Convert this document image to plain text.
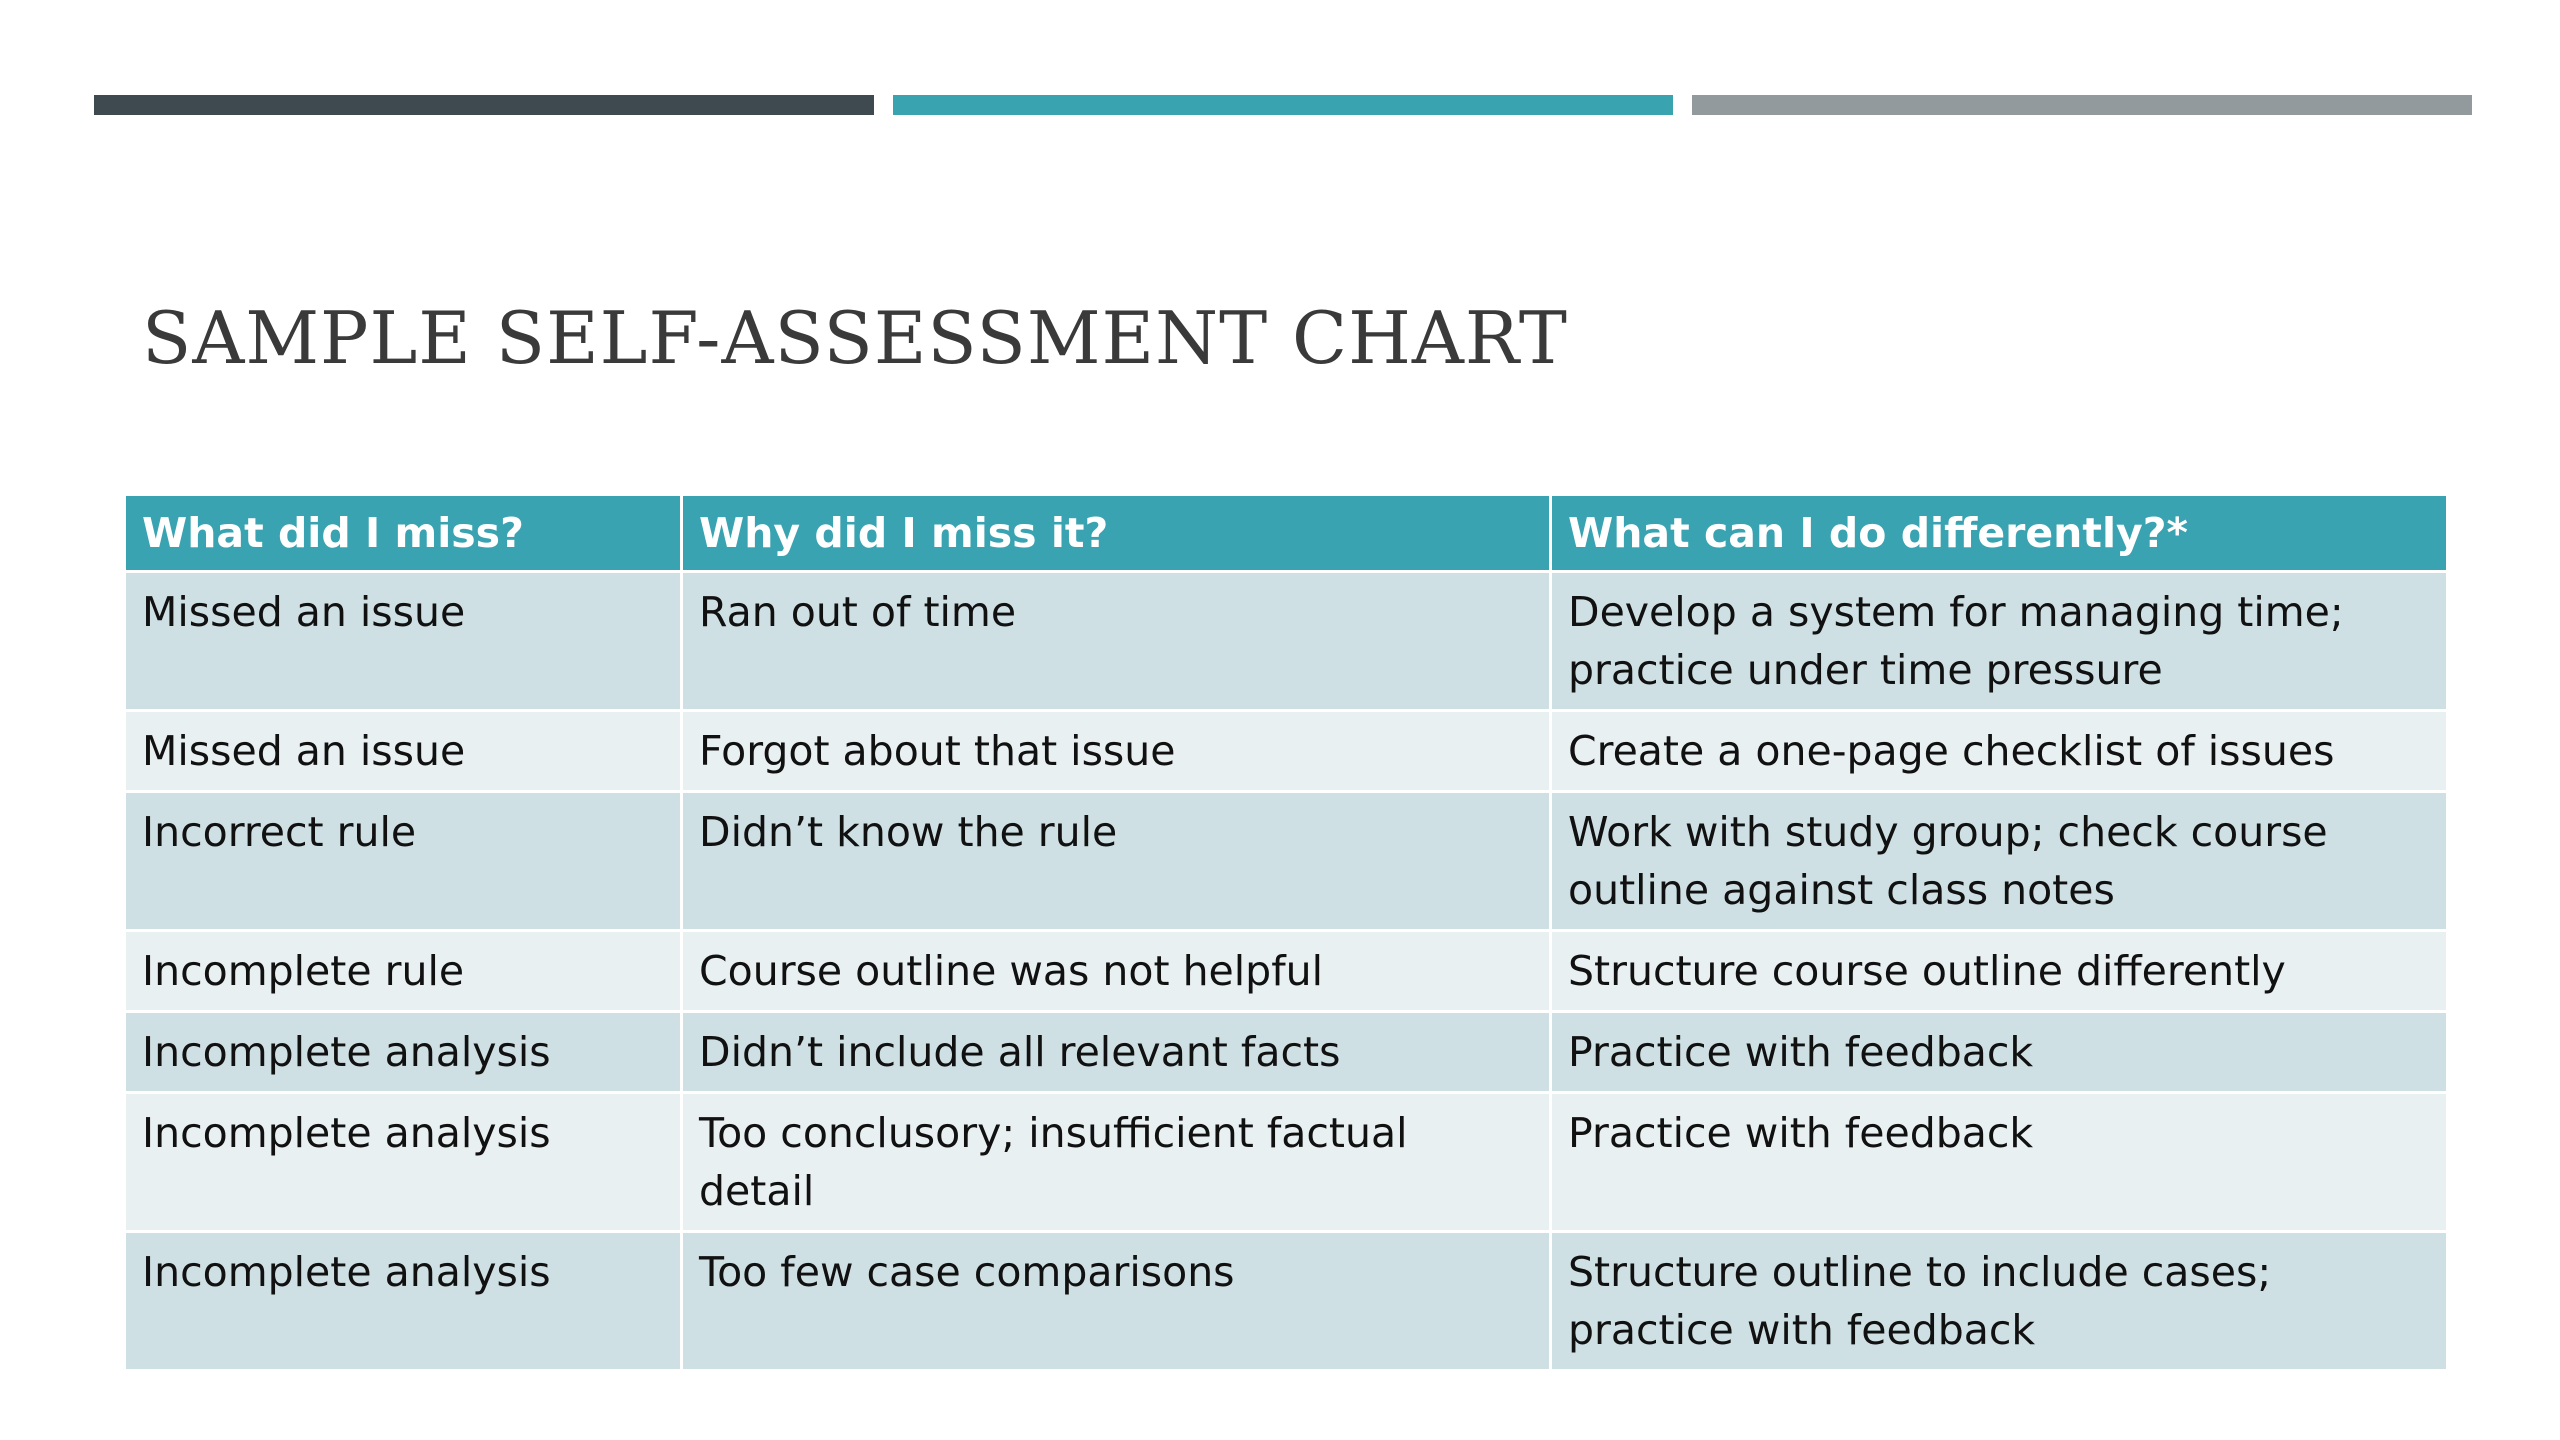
SAMPLE SELF-ASSESSMENT CHART
What did I miss?	Why did I miss it?	What can I do differently?*
Missed an issue	Ran out of time	Develop a system for managing time; practice under time pressure
Missed an issue	Forgot about that issue	Create a one-page checklist of issues
Incorrect rule	Didn’t know the rule	Work with study group; check course outline against class notes
Incomplete rule	Course outline was not helpful	Structure course outline differently
Incomplete analysis	Didn’t include all relevant facts	Practice with feedback
Incomplete analysis	Too conclusory; insufficient factual detail	Practice with feedback
Incomplete analysis	Too few case comparisons	Structure outline to include cases; practice with feedback
